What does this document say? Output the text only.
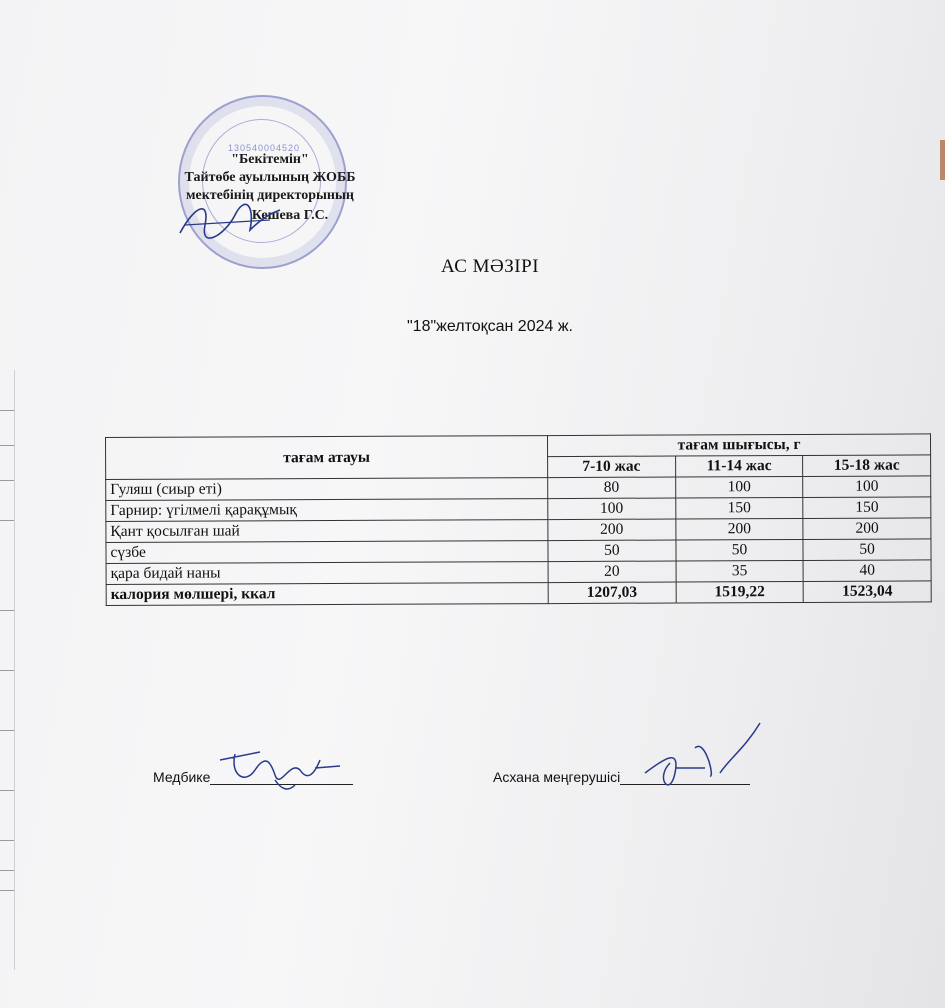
130540004520
"Бекітемін"
Тайтөбе ауылының ЖОББ
мектебінің директорының
Кешева Г.С.
АС МӘЗІРІ
"18"желтоқсан 2024 ж.
тағам атауы	тағам шығысы, г		
	7-10 жас	11-14 жас	15-18 жас
Гуляш (сиыр еті)	80	100	100
Гарнир: үгілмелі қарақұмық	100	150	150
Қант қосылған шай	200	200	200
сүзбе	50	50	50
қара бидай наны	20	35	40
калория мөлшері, ккал	1207,03	1519,22	1523,04
Медбике	Асхана меңгерушісі
